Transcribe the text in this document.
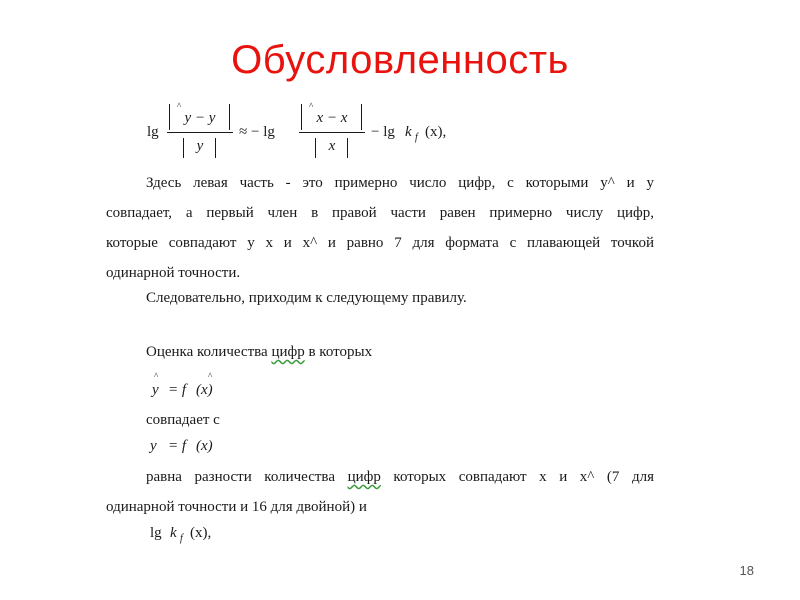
Обусловленность
lg
^
y − y
y
≈ − lg
^
x − x
x
− lg k f (x),
Здесь левая часть - это примерно число цифр, с которыми у^ и у
совпадает, а первый член в правой части равен примерно числу цифр,
которые совпадают у х и х^ и равно 7 для формата с плавающей точкой
одинарной точности.
Следовательно, приходим к следующему правилу.
Оценка количества цифр в которых
^
y = f
^
(x)
совпадает с
y = f (x)
равна разности количества цифр которых совпадают х и х^ (7 для
одинарной точности и 16 для двойной) и
lg k f (x),
18
